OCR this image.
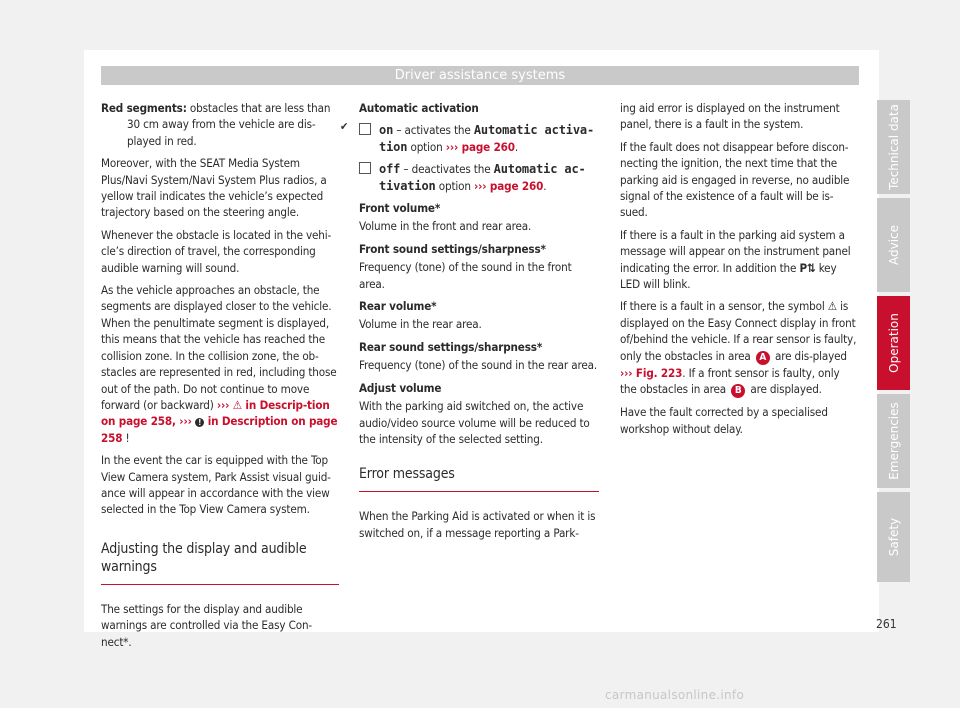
Driver assistance systems

Red segments: obstacles that are less than 30 cm away from the vehicle are dis-played in red.

Moreover, with the SEAT Media System Plus/Navi System/Navi System Plus radios, a yellow trail indicates the vehicle’s expected trajectory based on the steering angle.

Whenever the obstacle is located in the vehi-cle’s direction of travel, the corresponding audible warning will sound.

As the vehicle approaches an obstacle, the segments are displayed closer to the vehicle. When the penultimate segment is displayed, this means that the vehicle has reached the collision zone. In the collision zone, the ob-stacles are represented in red, including those out of the path. Do not continue to move forward (or backward) ››› ⚠ in Descrip-tion on page 258, ››› ! in Description on page 258 !

In the event the car is equipped with the Top View Camera system, Park Assist visual guid-ance will appear in accordance with the view selected in the Top View Camera system.

Adjusting the display and audible warnings

The settings for the display and audible warnings are controlled via the Easy Con-nect*.

Automatic activation

✔on – activates the Automatic activa-tion option ››› page 260.

off – deactivates the Automatic ac-tivation option ››› page 260.

Front volume*

Volume in the front and rear area.

Front sound settings/sharpness*

Frequency (tone) of the sound in the front area.

Rear volume*

Volume in the rear area.

Rear sound settings/sharpness*

Frequency (tone) of the sound in the rear area.

Adjust volume

With the parking aid switched on, the active audio/video source volume will be reduced to the intensity of the selected setting.

Error messages

When the Parking Aid is activated or when it is switched on, if a message reporting a Park-

ing aid error is displayed on the instrument panel, there is a fault in the system.

If the fault does not disappear before discon-necting the ignition, the next time that the parking aid is engaged in reverse, no audible signal of the existence of a fault will be is-sued.

If there is a fault in the parking aid system a message will appear on the instrument panel indicating the error. In addition the P⇅ key LED will blink.

If there is a fault in a sensor, the symbol ⚠ is displayed on the Easy Connect display in front of/behind the vehicle. If a rear sensor is faulty, only the obstacles in area A are dis-played ››› Fig. 223. If a front sensor is faulty, only the obstacles in area B are displayed.

Have the fault corrected by a specialised workshop without delay.

Technical data
Advice
Operation
Emergencies
Safety
261
carmanualsonline.info
